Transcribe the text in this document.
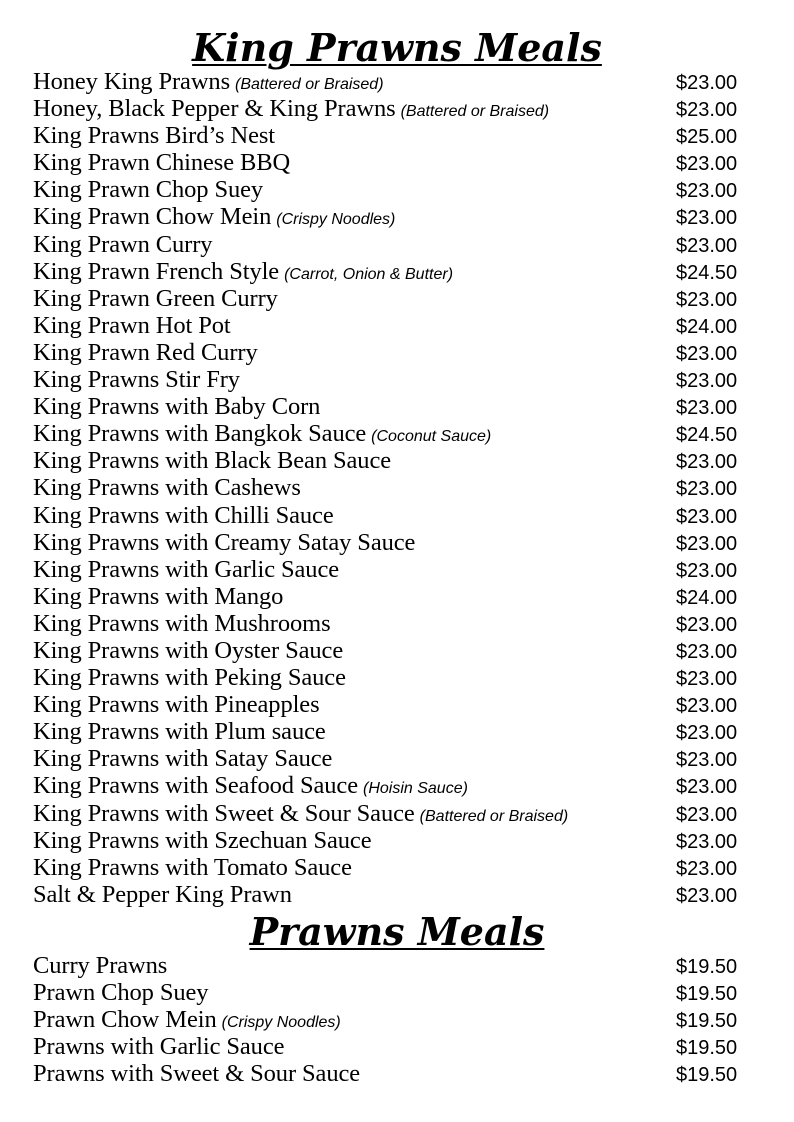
King Prawns Meals
Honey King Prawns (Battered or Braised)	$23.00
Honey, Black Pepper & King Prawns (Battered or Braised)	$23.00
King Prawns Bird’s Nest	$25.00
King Prawn Chinese BBQ	$23.00
King Prawn Chop Suey	$23.00
King Prawn Chow Mein (Crispy Noodles)	$23.00
King Prawn Curry	$23.00
King Prawn French Style (Carrot, Onion & Butter)	$24.50
King Prawn Green Curry	$23.00
King Prawn Hot Pot	$24.00
King Prawn Red Curry	$23.00
King Prawns Stir Fry	$23.00
King Prawns with Baby Corn	$23.00
King Prawns with Bangkok Sauce (Coconut Sauce)	$24.50
King Prawns with Black Bean Sauce	$23.00
King Prawns with Cashews	$23.00
King Prawns with Chilli Sauce	$23.00
King Prawns with Creamy Satay Sauce	$23.00
King Prawns with Garlic Sauce	$23.00
King Prawns with Mango	$24.00
King Prawns with Mushrooms	$23.00
King Prawns with Oyster Sauce	$23.00
King Prawns with Peking Sauce	$23.00
King Prawns with Pineapples	$23.00
King Prawns with Plum sauce	$23.00
King Prawns with Satay Sauce	$23.00
King Prawns with Seafood Sauce (Hoisin Sauce)	$23.00
King Prawns with Sweet & Sour Sauce (Battered or Braised)	$23.00
King Prawns with Szechuan Sauce	$23.00
King Prawns with Tomato Sauce	$23.00
Salt & Pepper King Prawn	$23.00
Prawns Meals
Curry Prawns	$19.50
Prawn Chop Suey	$19.50
Prawn Chow Mein (Crispy Noodles)	$19.50
Prawns with Garlic Sauce	$19.50
Prawns with Sweet & Sour Sauce	$19.50
